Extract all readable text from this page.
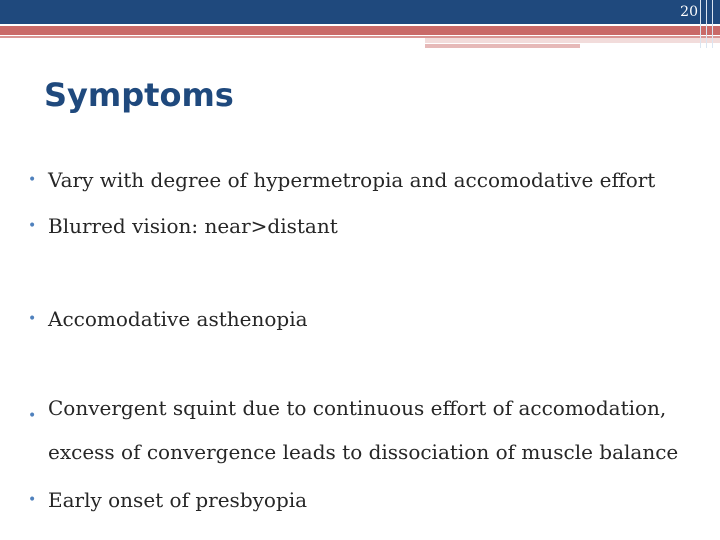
20
Symptoms
• Vary with degree of hypermetropia and accomodative effort
• Blurred vision: near>distant
• Accomodative asthenopia
• Convergent squint due to continuous effort of accomodation, excess of convergence leads to dissociation of muscle balance
• Early onset of presbyopia
